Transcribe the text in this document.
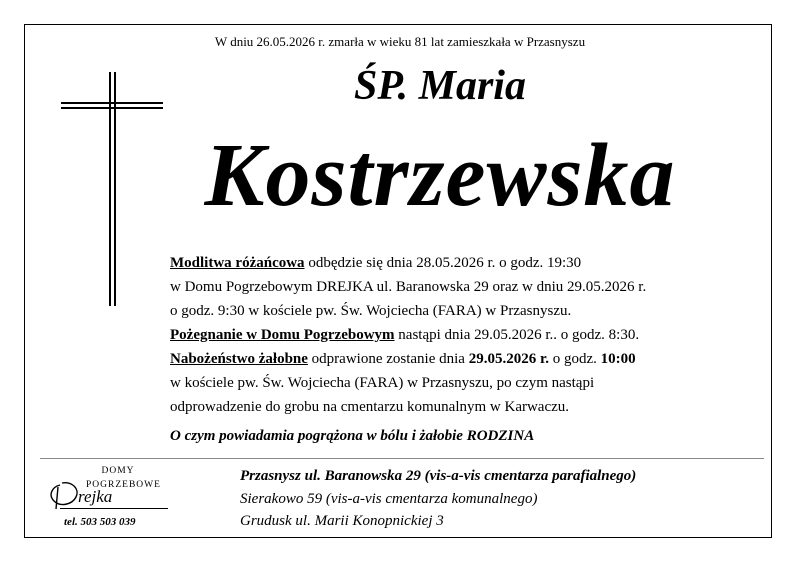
W dniu 26.05.2026 r. zmarła w wieku 81 lat zamieszkała w Przasnyszu
ŚP. Maria
Kostrzewska
Modlitwa różańcowa odbędzie się dnia 28.05.2026 r. o godz. 19:30
w Domu Pogrzebowym DREJKA ul. Baranowska 29 oraz w dniu 29.05.2026 r.
o godz. 9:30 w kościele pw. Św. Wojciecha (FARA) w Przasnyszu.
Pożegnanie w Domu Pogrzebowym nastąpi dnia 29.05.2026 r.. o godz. 8:30.
Nabożeństwo żałobne odprawione zostanie dnia 29.05.2026 r. o godz. 10:00
w kościele pw. Św. Wojciecha (FARA) w Przasnyszu, po czym nastąpi
odprowadzenie do grobu na cmentarzu komunalnym w Karwaczu.
O czym powiadamia pogrążona w bólu i żałobie RODZINA
DOMY
POGRZEBOWE
rejka
tel. 503 503 039
Przasnysz ul. Baranowska 29 (vis-a-vis cmentarza parafialnego)
Sierakowo 59 (vis-a-vis cmentarza komunalnego)
Grudusk ul. Marii Konopnickiej 3
